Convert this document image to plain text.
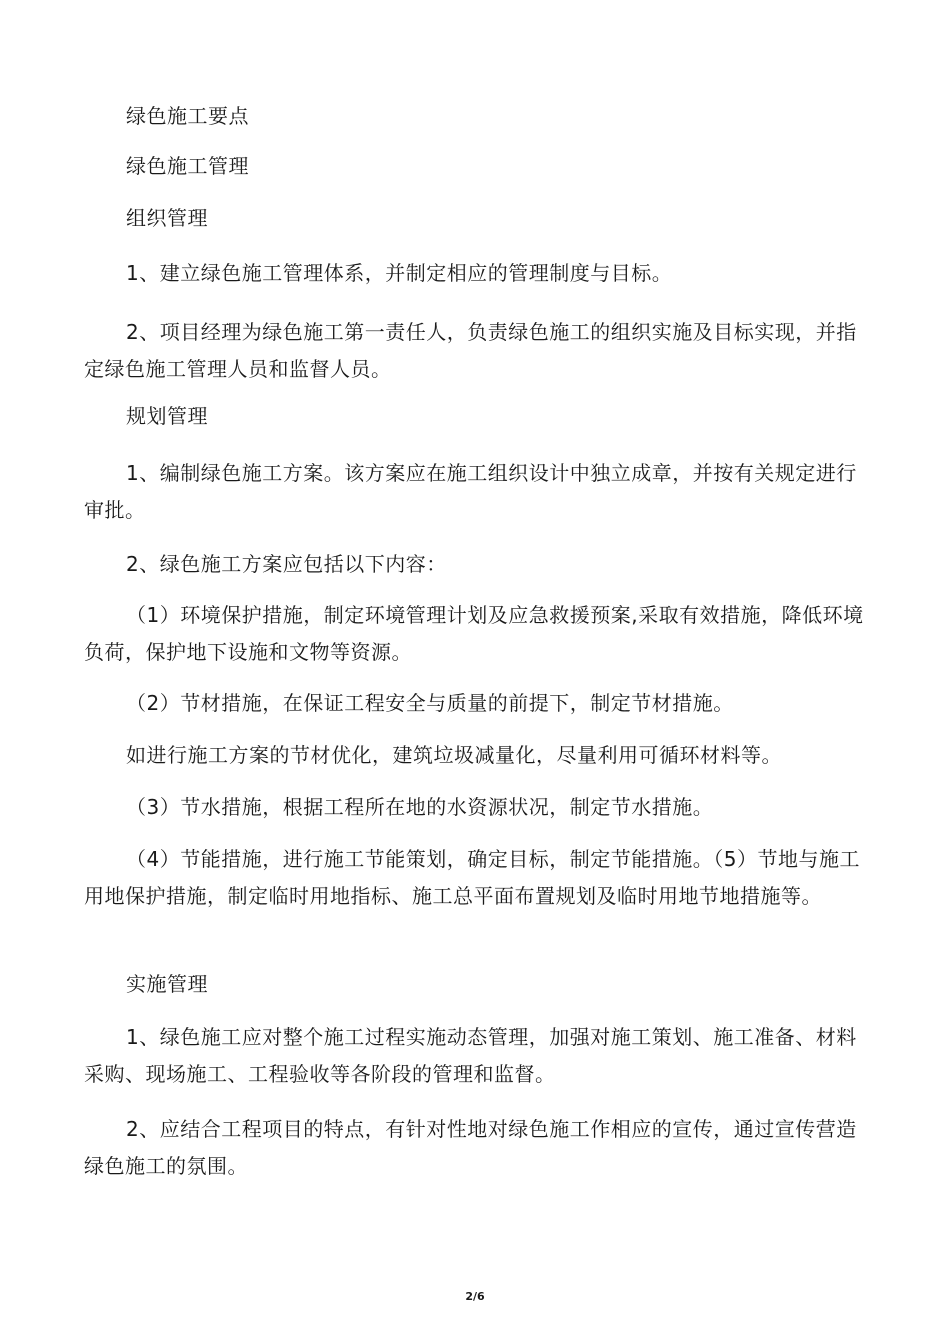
绿色施工要点

绿色施工管理

组织管理

1、建立绿色施工管理体系，并制定相应的管理制度与目标。

2、项目经理为绿色施工第一责任人，负责绿色施工的组织实施及目标实现，并指定绿色施工管理人员和监督人员。

规划管理

1、编制绿色施工方案。该方案应在施工组织设计中独立成章，并按有关规定进行审批。

2、绿色施工方案应包括以下内容：

（1）环境保护措施，制定环境管理计划及应急救援预案,采取有效措施，降低环境负荷，保护地下设施和文物等资源。

（2）节材措施，在保证工程安全与质量的前提下，制定节材措施。

如进行施工方案的节材优化，建筑垃圾减量化，尽量利用可循环材料等。

（3）节水措施，根据工程所在地的水资源状况，制定节水措施。

（4）节能措施，进行施工节能策划，确定目标，制定节能措施。（5）节地与施工用地保护措施，制定临时用地指标、施工总平面布置规划及临时用地节地措施等。

实施管理

1、绿色施工应对整个施工过程实施动态管理，加强对施工策划、施工准备、材料采购、现场施工、工程验收等各阶段的管理和监督。

2、应结合工程项目的特点，有针对性地对绿色施工作相应的宣传，通过宣传营造绿色施工的氛围。

2/6
